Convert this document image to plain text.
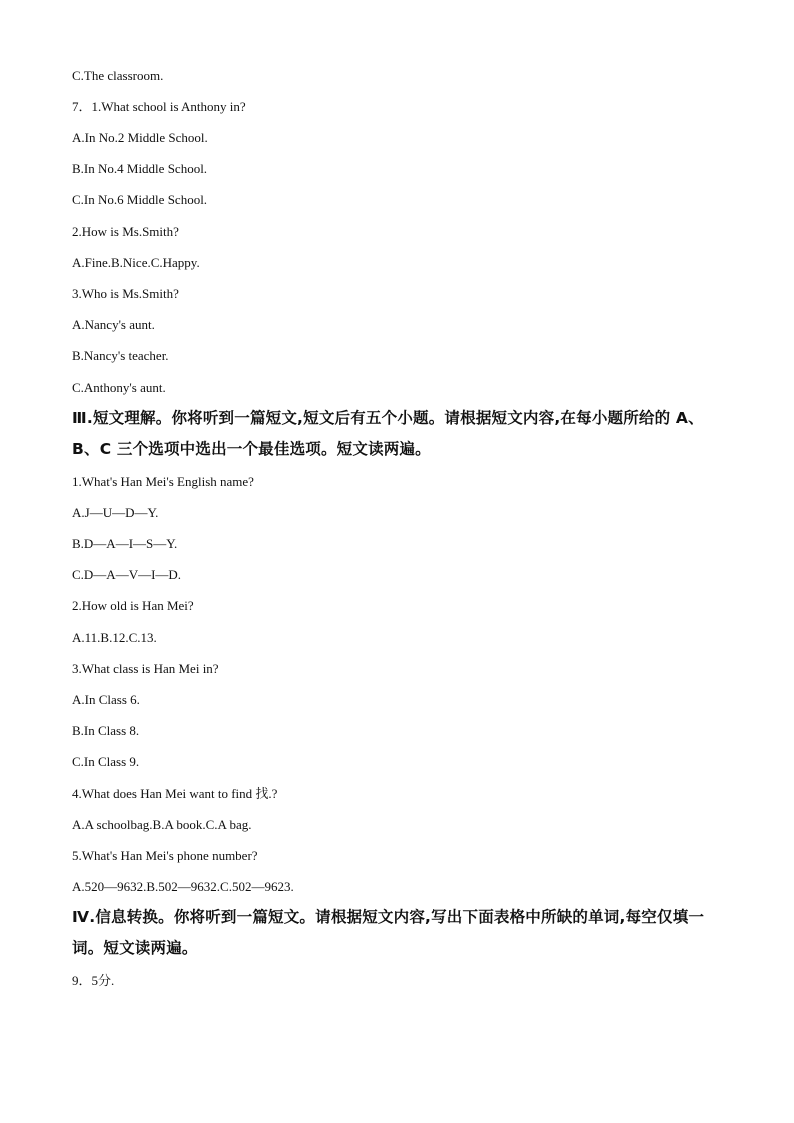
C.The classroom.
7．1.What school is Anthony in?
A.In No.2 Middle School.
B.In No.4 Middle School.
C.In No.6 Middle School.
2.How is Ms.Smith?
A.Fine.B.Nice.C.Happy.
3.Who is Ms.Smith?
A.Nancy's aunt.
B.Nancy's teacher.
C.Anthony's aunt.
Ⅲ.短文理解。你将听到一篇短文,短文后有五个小题。请根据短文内容,在每小题所给的 A、
B、C 三个选项中选出一个最佳选项。短文读两遍。
1.What's Han Mei's English name?
A.J—U—D—Y.
B.D—A—I—S—Y.
C.D—A—V—I—D.
2.How old is Han Mei?
A.11.B.12.C.13.
3.What class is Han Mei in?
A.In Class 6.
B.In Class 8.
C.In Class 9.
4.What does Han Mei want to find 找.?
A.A schoolbag.B.A book.C.A bag.
5.What's Han Mei's phone number?
A.520—9632.B.502—9632.C.502—9623.
Ⅳ.信息转换。你将听到一篇短文。请根据短文内容,写出下面表格中所缺的单词,每空仅填一
词。短文读两遍。
9．5分.
